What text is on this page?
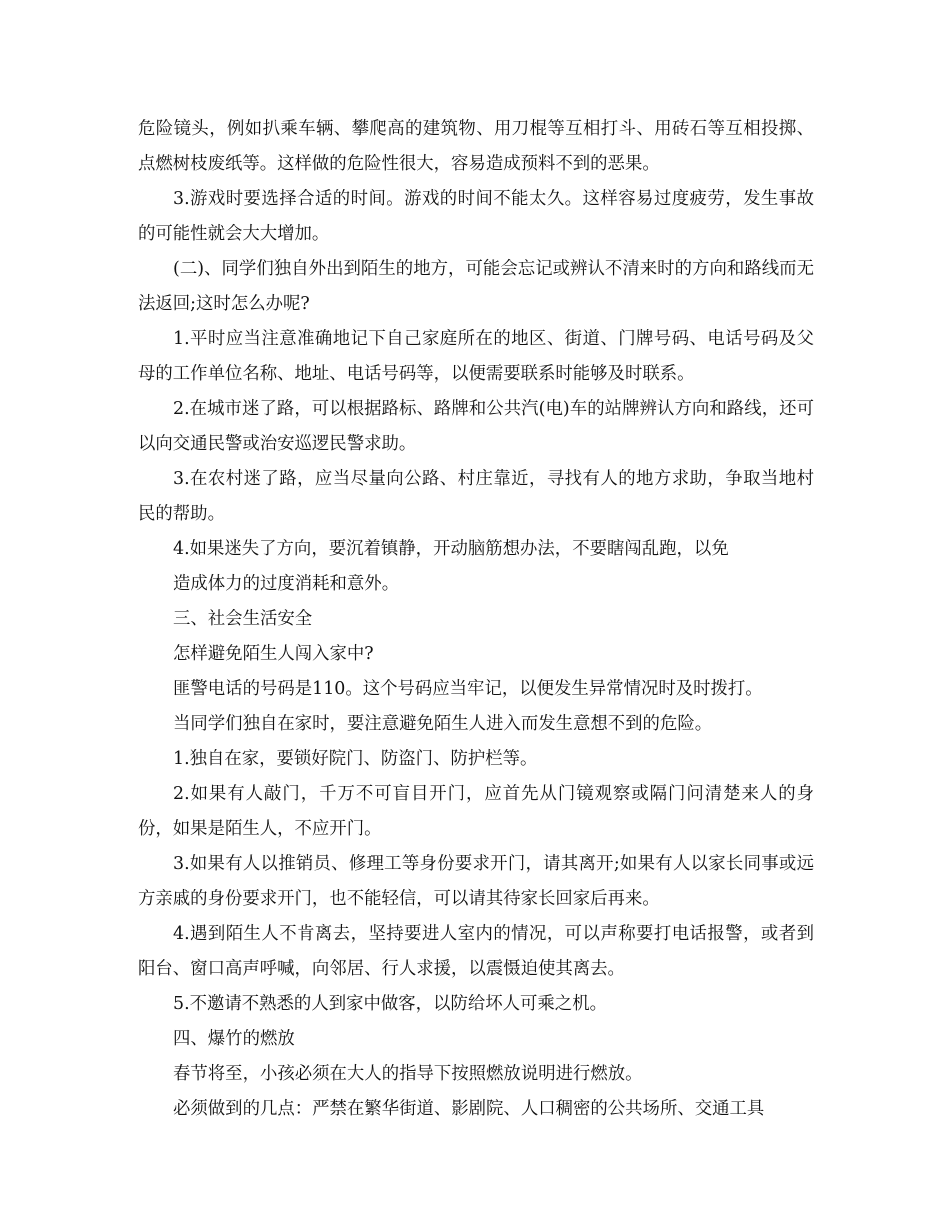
危险镜头，例如扒乘车辆、攀爬高的建筑物、用刀棍等互相打斗、用砖石等互相投掷、点燃树枝废纸等。这样做的危险性很大，容易造成预料不到的恶果。

3.游戏时要选择合适的时间。游戏的时间不能太久。这样容易过度疲劳，发生事故的可能性就会大大增加。

(二)、同学们独自外出到陌生的地方，可能会忘记或辨认不清来时的方向和路线而无法返回;这时怎么办呢?

1.平时应当注意准确地记下自己家庭所在的地区、街道、门牌号码、电话号码及父母的工作单位名称、地址、电话号码等，以便需要联系时能够及时联系。

2.在城市迷了路，可以根据路标、路牌和公共汽(电)车的站牌辨认方向和路线，还可以向交通民警或治安巡逻民警求助。

3.在农村迷了路，应当尽量向公路、村庄靠近，寻找有人的地方求助，争取当地村民的帮助。

4.如果迷失了方向，要沉着镇静，开动脑筋想办法，不要瞎闯乱跑，以免

造成体力的过度消耗和意外。

三、社会生活安全

怎样避免陌生人闯入家中?

匪警电话的号码是110。这个号码应当牢记，以便发生异常情况时及时拨打。

当同学们独自在家时，要注意避免陌生人进入而发生意想不到的危险。

1.独自在家，要锁好院门、防盗门、防护栏等。

2.如果有人敲门，千万不可盲目开门，应首先从门镜观察或隔门问清楚来人的身份，如果是陌生人，不应开门。

3.如果有人以推销员、修理工等身份要求开门，请其离开;如果有人以家长同事或远方亲戚的身份要求开门，也不能轻信，可以请其待家长回家后再来。

4.遇到陌生人不肯离去，坚持要进人室内的情况，可以声称要打电话报警，或者到阳台、窗口高声呼喊，向邻居、行人求援，以震慑迫使其离去。

5.不邀请不熟悉的人到家中做客，以防给坏人可乘之机。

四、爆竹的燃放

春节将至，小孩必须在大人的指导下按照燃放说明进行燃放。

必须做到的几点：严禁在繁华街道、影剧院、人口稠密的公共场所、交通工具
